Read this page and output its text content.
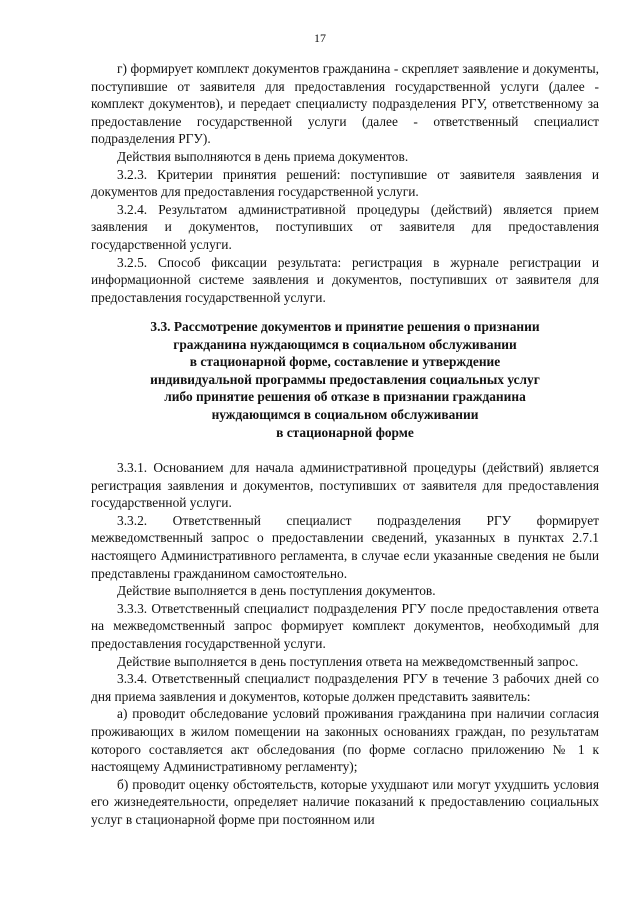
17

г) формирует комплект документов гражданина - скрепляет заявление и документы, поступившие от заявителя для предоставления государственной услуги (далее - комплект документов), и передает специалисту подразделения РГУ, ответственному за предоставление государственной услуги (далее - ответственный специалист подразделения РГУ).

Действия выполняются в день приема документов.

3.2.3. Критерии принятия решений: поступившие от заявителя заявления и документов для предоставления государственной услуги.

3.2.4. Результатом административной процедуры (действий) является прием заявления и документов, поступивших от заявителя для предоставления государственной услуги.

3.2.5. Способ фиксации результата: регистрация в журнале регистрации и информационной системе заявления и документов, поступивших от заявителя для предоставления государственной услуги.

3.3. Рассмотрение документов и принятие решения о признании
гражданина нуждающимся в социальном обслуживании
в стационарной форме, составление и утверждение
индивидуальной программы предоставления социальных услуг
либо принятие решения об отказе в признании гражданина
нуждающимся в социальном обслуживании
в стационарной форме

3.3.1. Основанием для начала административной процедуры (действий) является регистрация заявления и документов, поступивших от заявителя для предоставления государственной услуги.

3.3.2. Ответственный специалист подразделения РГУ формирует межведомственный запрос о предоставлении сведений, указанных в пунктах 2.7.1 настоящего Административного регламента, в случае если указанные сведения не были представлены гражданином самостоятельно.

Действие выполняется в день поступления документов.

3.3.3. Ответственный специалист подразделения РГУ после предоставления ответа на межведомственный запрос формирует комплект документов, необходимый для предоставления государственной услуги.

Действие выполняется в день поступления ответа на межведомственный запрос.

3.3.4. Ответственный специалист подразделения РГУ в течение 3 рабочих дней со дня приема заявления и документов, которые должен представить заявитель:

а) проводит обследование условий проживания гражданина при наличии согласия проживающих в жилом помещении на законных основаниях граждан, по результатам которого составляется акт обследования (по форме согласно приложению № 1 к настоящему Административному регламенту);

б) проводит оценку обстоятельств, которые ухудшают или могут ухудшить условия его жизнедеятельности, определяет наличие показаний к предоставлению социальных услуг в стационарной форме при постоянном или
